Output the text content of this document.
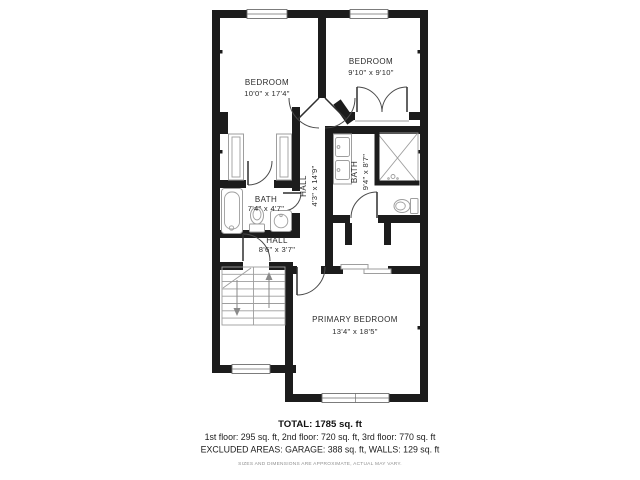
BEDROOM
10'0" x 17'4"
BEDROOM
9'10" x 9'10"
HALL 4'3" x 14'9"
BATH
7'4" x 4'7"
BATH 9'4" x 8'7"
HALL
8'6" x 3'7"
PRIMARY BEDROOM
13'4" x 18'5"
TOTAL: 1785 sq. ft
1st floor: 295 sq. ft, 2nd floor: 720 sq. ft, 3rd floor: 770 sq. ft
EXCLUDED AREAS: GARAGE: 388 sq. ft, WALLS: 129 sq. ft
SIZES AND DIMENSIONS ARE APPROXIMATE, ACTUAL MAY VARY.
